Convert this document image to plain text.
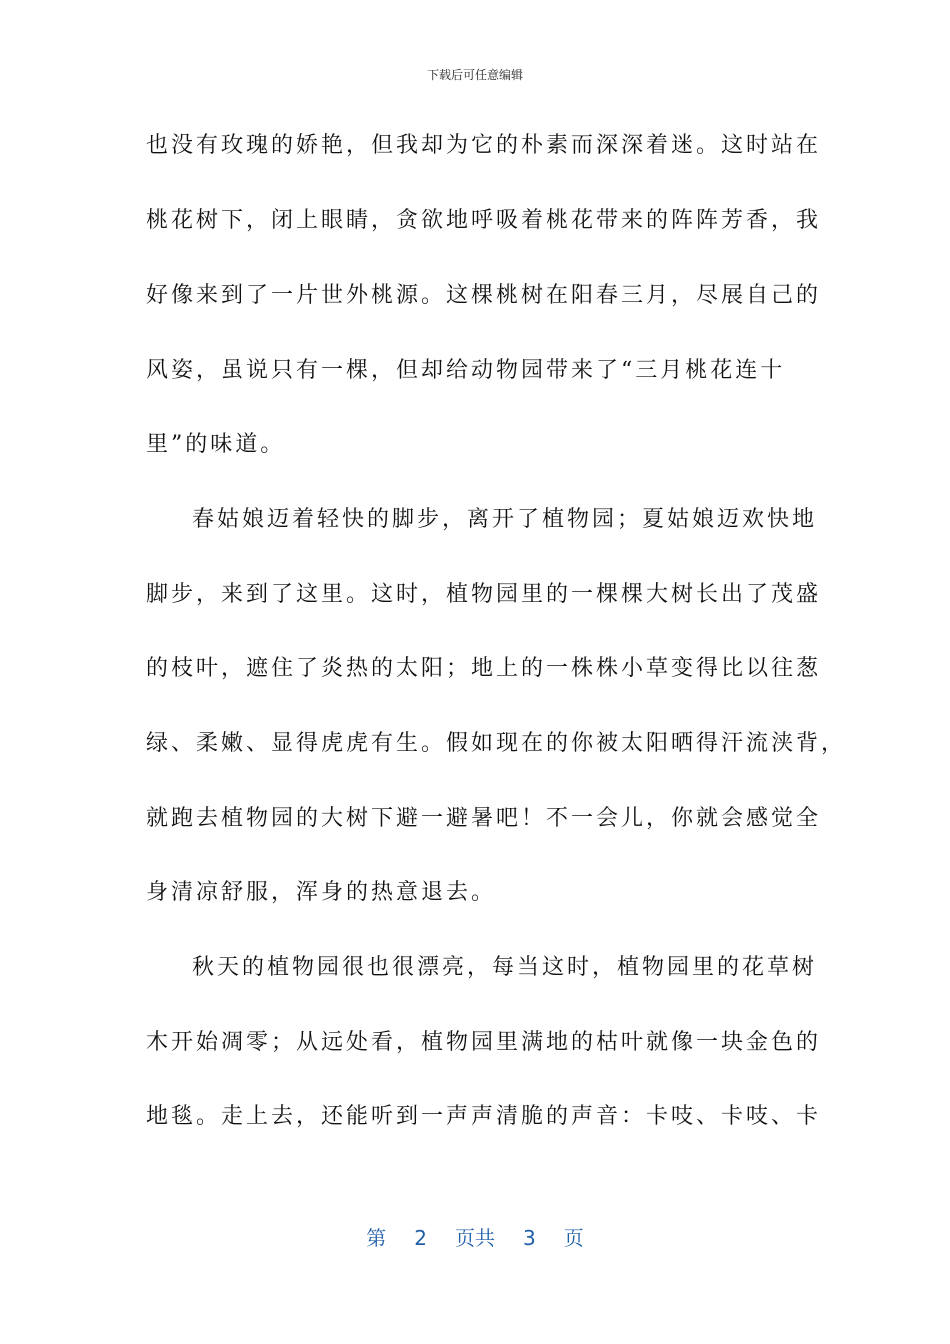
下载后可任意编辑
也没有玫瑰的娇艳，但我却为它的朴素而深深着迷。这时站在
桃花树下，闭上眼睛，贪欲地呼吸着桃花带来的阵阵芳香，我
好像来到了一片世外桃源。这棵桃树在阳春三月，尽展自己的
风姿，虽说只有一棵，但却给动物园带来了“三月桃花连十
里”的味道。
春姑娘迈着轻快的脚步，离开了植物园；夏姑娘迈欢快地
脚步，来到了这里。这时，植物园里的一棵棵大树长出了茂盛
的枝叶，遮住了炎热的太阳；地上的一株株小草变得比以往葱
绿、柔嫩、显得虎虎有生。假如现在的你被太阳晒得汗流浃背，
就跑去植物园的大树下避一避暑吧！不一会儿，你就会感觉全
身清凉舒服，浑身的热意退去。
秋天的植物园很也很漂亮，每当这时，植物园里的花草树
木开始凋零；从远处看，植物园里满地的枯叶就像一块金色的
地毯。走上去，还能听到一声声清脆的声音：卡吱、卡吱、卡
第 2 页共 3 页
